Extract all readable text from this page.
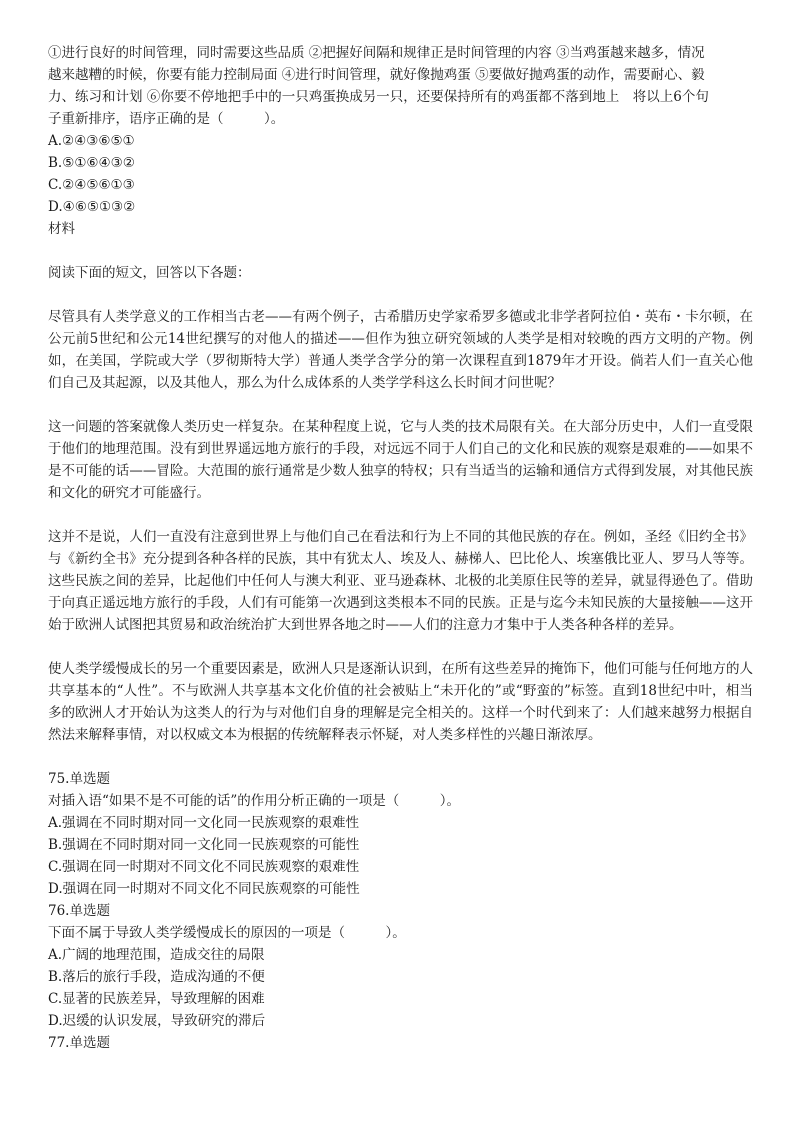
①进行良好的时间管理，同时需要这些品质 ②把握好间隔和规律正是时间管理的内容 ③当鸡蛋越来越多，情况
越来越糟的时候，你要有能力控制局面 ④进行时间管理，就好像抛鸡蛋 ⑤要做好抛鸡蛋的动作，需要耐心、毅
力、练习和计划 ⑥你要不停地把手中的一只鸡蛋换成另一只，还要保持所有的鸡蛋都不落到地上　将以上6个句
子重新排序，语序正确的是（　　　）。
A.②④③⑥⑤①
B.⑤①⑥④③②
C.②④⑤⑥①③
D.④⑥⑤①③②
材料
阅读下面的短文，回答以下各题：

尽管具有人类学意义的工作相当古老——有两个例子，古希腊历史学家希罗多德或北非学者阿拉伯・英布・卡尔顿，在公元前5世纪和公元14世纪撰写的对他人的描述——但作为独立研究领域的人类学是相对较晚的西方文明的产物。例如，在美国，学院或大学（罗彻斯特大学）普通人类学含学分的第一次课程直到1879年才开设。倘若人们一直关心他们自己及其起源，以及其他人，那么为什么成体系的人类学学科这么长时间才问世呢？

这一问题的答案就像人类历史一样复杂。在某种程度上说，它与人类的技术局限有关。在大部分历史中，人们一直受限于他们的地理范围。没有到世界遥远地方旅行的手段，对远远不同于人们自己的文化和民族的观察是艰难的——如果不是不可能的话——冒险。大范围的旅行通常是少数人独享的特权；只有当适当的运输和通信方式得到发展，对其他民族和文化的研究才可能盛行。

这并不是说，人们一直没有注意到世界上与他们自己在看法和行为上不同的其他民族的存在。例如，圣经《旧约全书》与《新约全书》充分提到各种各样的民族，其中有犹太人、埃及人、赫梯人、巴比伦人、埃塞俄比亚人、罗马人等等。这些民族之间的差异，比起他们中任何人与澳大利亚、亚马逊森林、北极的北美原住民等的差异，就显得逊色了。借助于向真正遥远地方旅行的手段，人们有可能第一次遇到这类根本不同的民族。正是与迄今未知民族的大量接触——这开始于欧洲人试图把其贸易和政治统治扩大到世界各地之时——人们的注意力才集中于人类各种各样的差异。

使人类学缓慢成长的另一个重要因素是，欧洲人只是逐渐认识到，在所有这些差异的掩饰下，他们可能与任何地方的人共享基本的“人性”。不与欧洲人共享基本文化价值的社会被贴上“未开化的”或“野蛮的”标签。直到18世纪中叶，相当多的欧洲人才开始认为这类人的行为与对他们自身的理解是完全相关的。这样一个时代到来了：人们越来越努力根据自然法来解释事情，对以权威文本为根据的传统解释表示怀疑，对人类多样性的兴趣日渐浓厚。

75.单选题
对插入语“如果不是不可能的话”的作用分析正确的一项是（　　　）。
A.强调在不同时期对同一文化同一民族观察的艰难性
B.强调在不同时期对同一文化同一民族观察的可能性
C.强调在同一时期对不同文化不同民族观察的艰难性
D.强调在同一时期对不同文化不同民族观察的可能性
76.单选题
下面不属于导致人类学缓慢成长的原因的一项是（　　　）。
A.广阔的地理范围，造成交往的局限
B.落后的旅行手段，造成沟通的不便
C.显著的民族差异，导致理解的困难
D.迟缓的认识发展，导致研究的滞后
77.单选题
